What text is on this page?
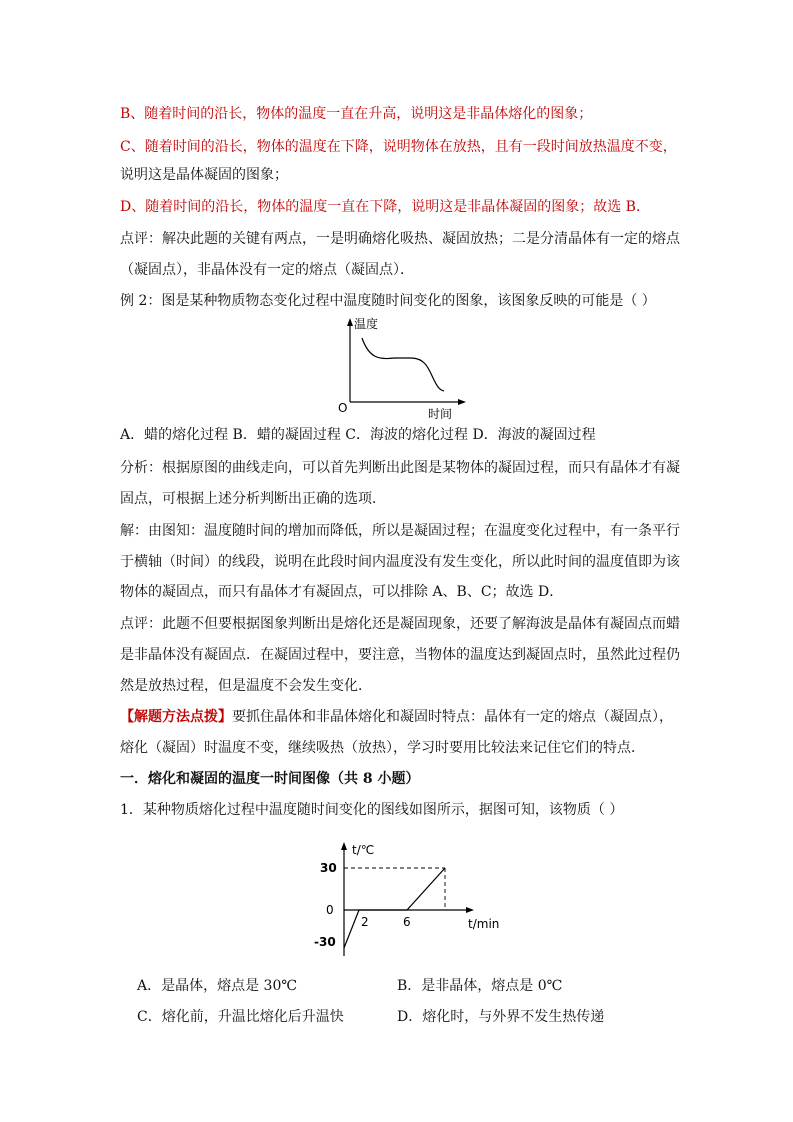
B、随着时间的沿长，物体的温度一直在升高，说明这是非晶体熔化的图象；
C、随着时间的沿长，物体的温度在下降，说明物体在放热，且有一段时间放热温度不变，
说明这是晶体凝固的图象；
D、随着时间的沿长，物体的温度一直在下降，说明这是非晶体凝固的图象；故选 B．
点评：解决此题的关键有两点，一是明确熔化吸热、凝固放热；二是分清晶体有一定的熔点
（凝固点），非晶体没有一定的熔点（凝固点）．
例 2：图是某种物质物态变化过程中温度随时间变化的图象，该图象反映的可能是（ ）
温度
O	时间
A．蜡的熔化过程 B．蜡的凝固过程 C．海波的熔化过程 D．海波的凝固过程
分析：根据原图的曲线走向，可以首先判断出此图是某物体的凝固过程，而只有晶体才有凝
固点，可根据上述分析判断出正确的选项．
解：由图知：温度随时间的增加而降低，所以是凝固过程；在温度变化过程中，有一条平行
于横轴（时间）的线段，说明在此段时间内温度没有发生变化，所以此时间的温度值即为该
物体的凝固点，而只有晶体才有凝固点，可以排除 A、B、C；故选 D．
点评：此题不但要根据图象判断出是熔化还是凝固现象，还要了解海波是晶体有凝固点而蜡
是非晶体没有凝固点．在凝固过程中，要注意，当物体的温度达到凝固点时，虽然此过程仍
然是放热过程，但是温度不会发生变化．
【解题方法点拨】要抓住晶体和非晶体熔化和凝固时特点：晶体有一定的熔点（凝固点），
熔化（凝固）时温度不变，继续吸热（放热），学习时要用比较法来记住它们的特点．
一．熔化和凝固的温度一时间图像（共 8 小题）
1．某种物质熔化过程中温度随时间变化的图线如图所示，据图可知，该物质（ ）
t/℃
30
0
-30
2	6	t/min
A．是晶体，熔点是 30℃	B．是非晶体，熔点是 0℃
C．熔化前，升温比熔化后升温快	D．熔化时，与外界不发生热传递
